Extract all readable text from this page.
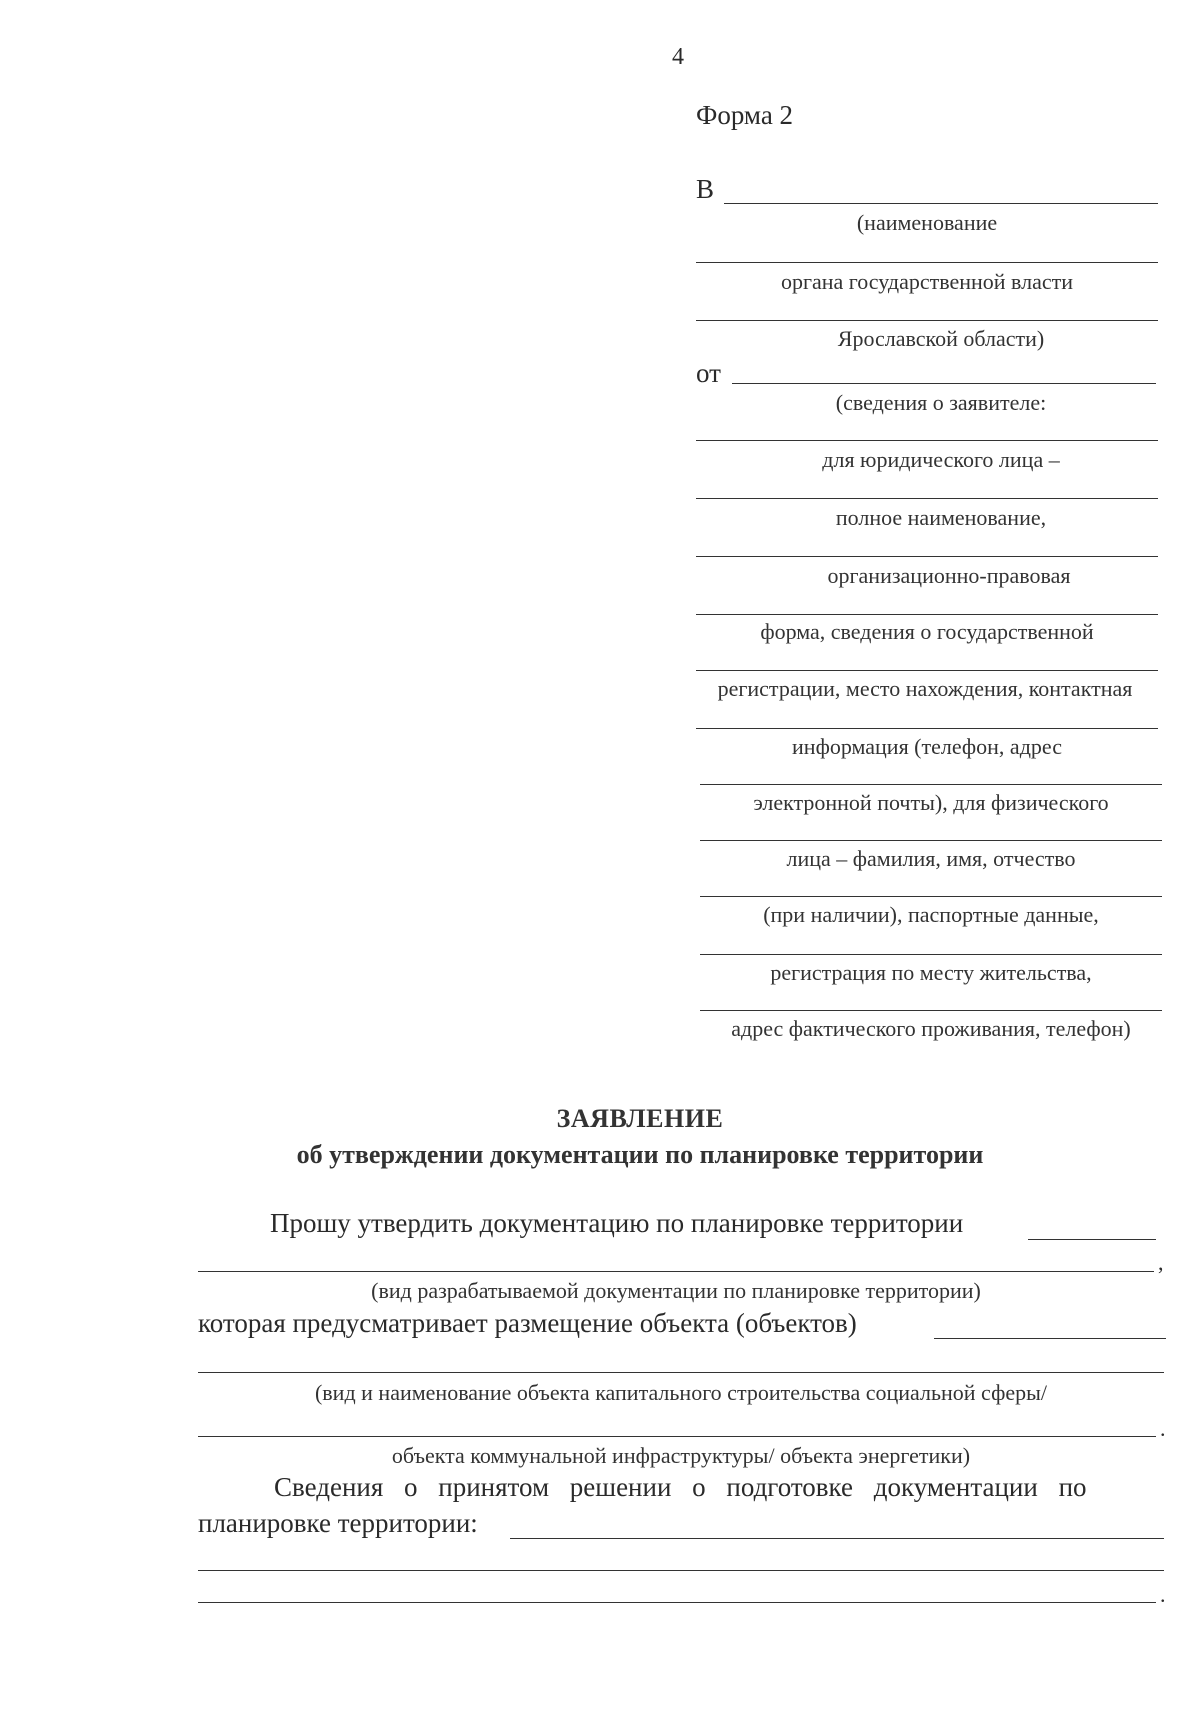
4
Форма 2
В
(наименование
органа государственной власти
Ярославской области)
от
(сведения о заявителе:
для юридического лица –
полное наименование,
организационно-правовая
форма, сведения о государственной
регистрации, место нахождения, контактная
информация (телефон, адрес
электронной почты), для физического
лица – фамилия, имя, отчество
(при наличии), паспортные данные,
регистрация по месту жительства,
адрес фактического проживания, телефон)
ЗАЯВЛЕНИЕ
об утверждении документации по планировке территории
Прошу утвердить документацию по планировке территории
,
(вид разрабатываемой документации по планировке территории)
которая предусматривает размещение объекта (объектов)
(вид и наименование объекта капитального строительства социальной сферы/
.
объекта коммунальной инфраструктуры/ объекта энергетики)
Сведения о принятом решении о подготовке документации по
планировке территории:
.
